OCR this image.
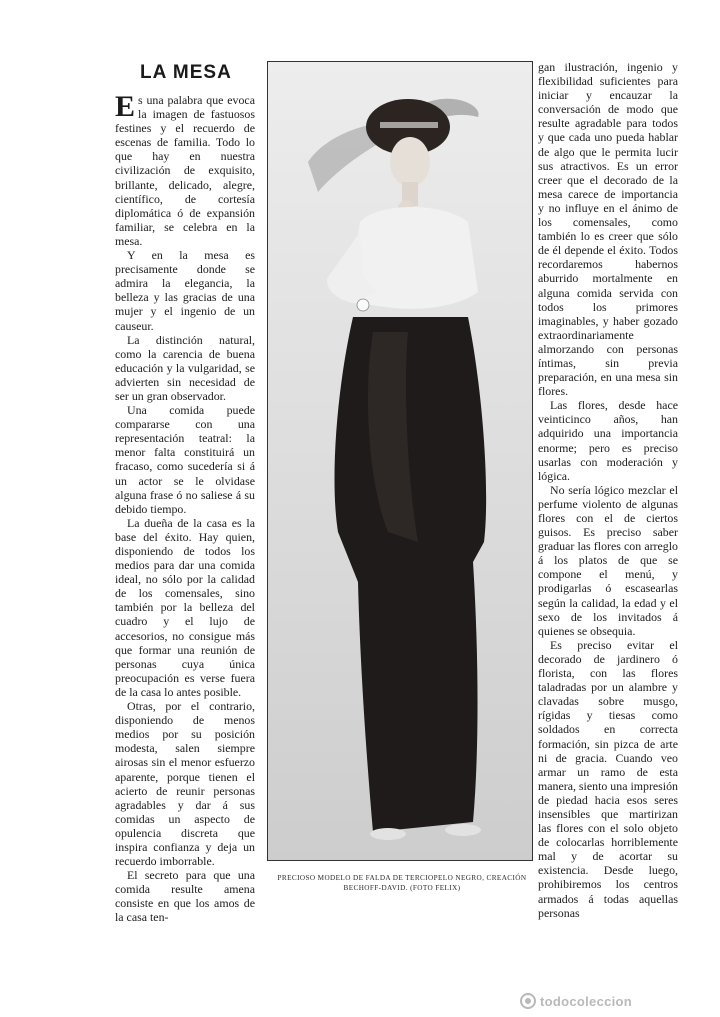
LA MESA

Es una palabra que evoca la imagen de fastuosos festines y el recuerdo de escenas de familia. Todo lo que hay en nuestra civilización de exquisito, brillante, delicado, alegre, científico, de cortesía diplomática ó de expansión familiar, se celebra en la mesa.

Y en la mesa es precisamente donde se admira la elegancia, la belleza y las gracias de una mujer y el ingenio de un causeur.

La distinción natural, como la carencia de buena educación y la vulgaridad, se advierten sin necesidad de ser un gran observador.

Una comida puede compararse con una representación teatral: la menor falta constituirá un fracaso, como sucedería si á un actor se le olvidase alguna frase ó no saliese á su debido tiempo.

La dueña de la casa es la base del éxito. Hay quien, disponiendo de todos los medios para dar una comida ideal, no sólo por la calidad de los comensales, sino también por la belleza del cuadro y el lujo de accesorios, no consigue más que formar una reunión de personas cuya única preocupación es verse fuera de la casa lo antes posible.

Otras, por el contrario, disponiendo de menos medios por su posición modesta, salen siempre airosas sin el menor esfuerzo aparente, porque tienen el acierto de reunir personas agradables y dar á sus comidas un aspecto de opulencia discreta que inspira confianza y deja un recuerdo imborrable.

El secreto para que una comida resulte amena consiste en que los amos de la casa ten-

PRECIOSO MODELO DE FALDA DE TERCIOPELO NEGRO, CREACIÓN BECHOFF-DAVID. (FOTO FELIX)

gan ilustración, ingenio y flexibilidad suficientes para iniciar y encauzar la conversación de modo que resulte agradable para todos y que cada uno pueda hablar de algo que le permita lucir sus atractivos. Es un error creer que el decorado de la mesa carece de importancia y no influye en el ánimo de los comensales, como también lo es creer que sólo de él depende el éxito. Todos recordaremos habernos aburrido mortalmente en alguna comida servida con todos los primores imaginables, y haber gozado extraordinariamente almorzando con personas íntimas, sin previa preparación, en una mesa sin flores.

Las flores, desde hace veinticinco años, han adquirido una importancia enorme; pero es preciso usarlas con moderación y lógica.

No sería lógico mezclar el perfume violento de algunas flores con el de ciertos guisos. Es preciso saber graduar las flores con arreglo á los platos de que se compone el menú, y prodigarlas ó escasearlas según la calidad, la edad y el sexo de los invitados á quienes se obsequia.

Es preciso evitar el decorado de jardinero ó florista, con las flores taladradas por un alambre y clavadas sobre musgo, rígidas y tiesas como soldados en correcta formación, sin pizca de arte ni de gracia. Cuando veo armar un ramo de esta manera, siento una impresión de piedad hacia esos seres insensibles que martirizan las flores con el solo objeto de colocarlas horriblemente mal y de acortar su existencia. Desde luego, prohibiremos los centros armados á todas aquellas personas

todocoleccion
